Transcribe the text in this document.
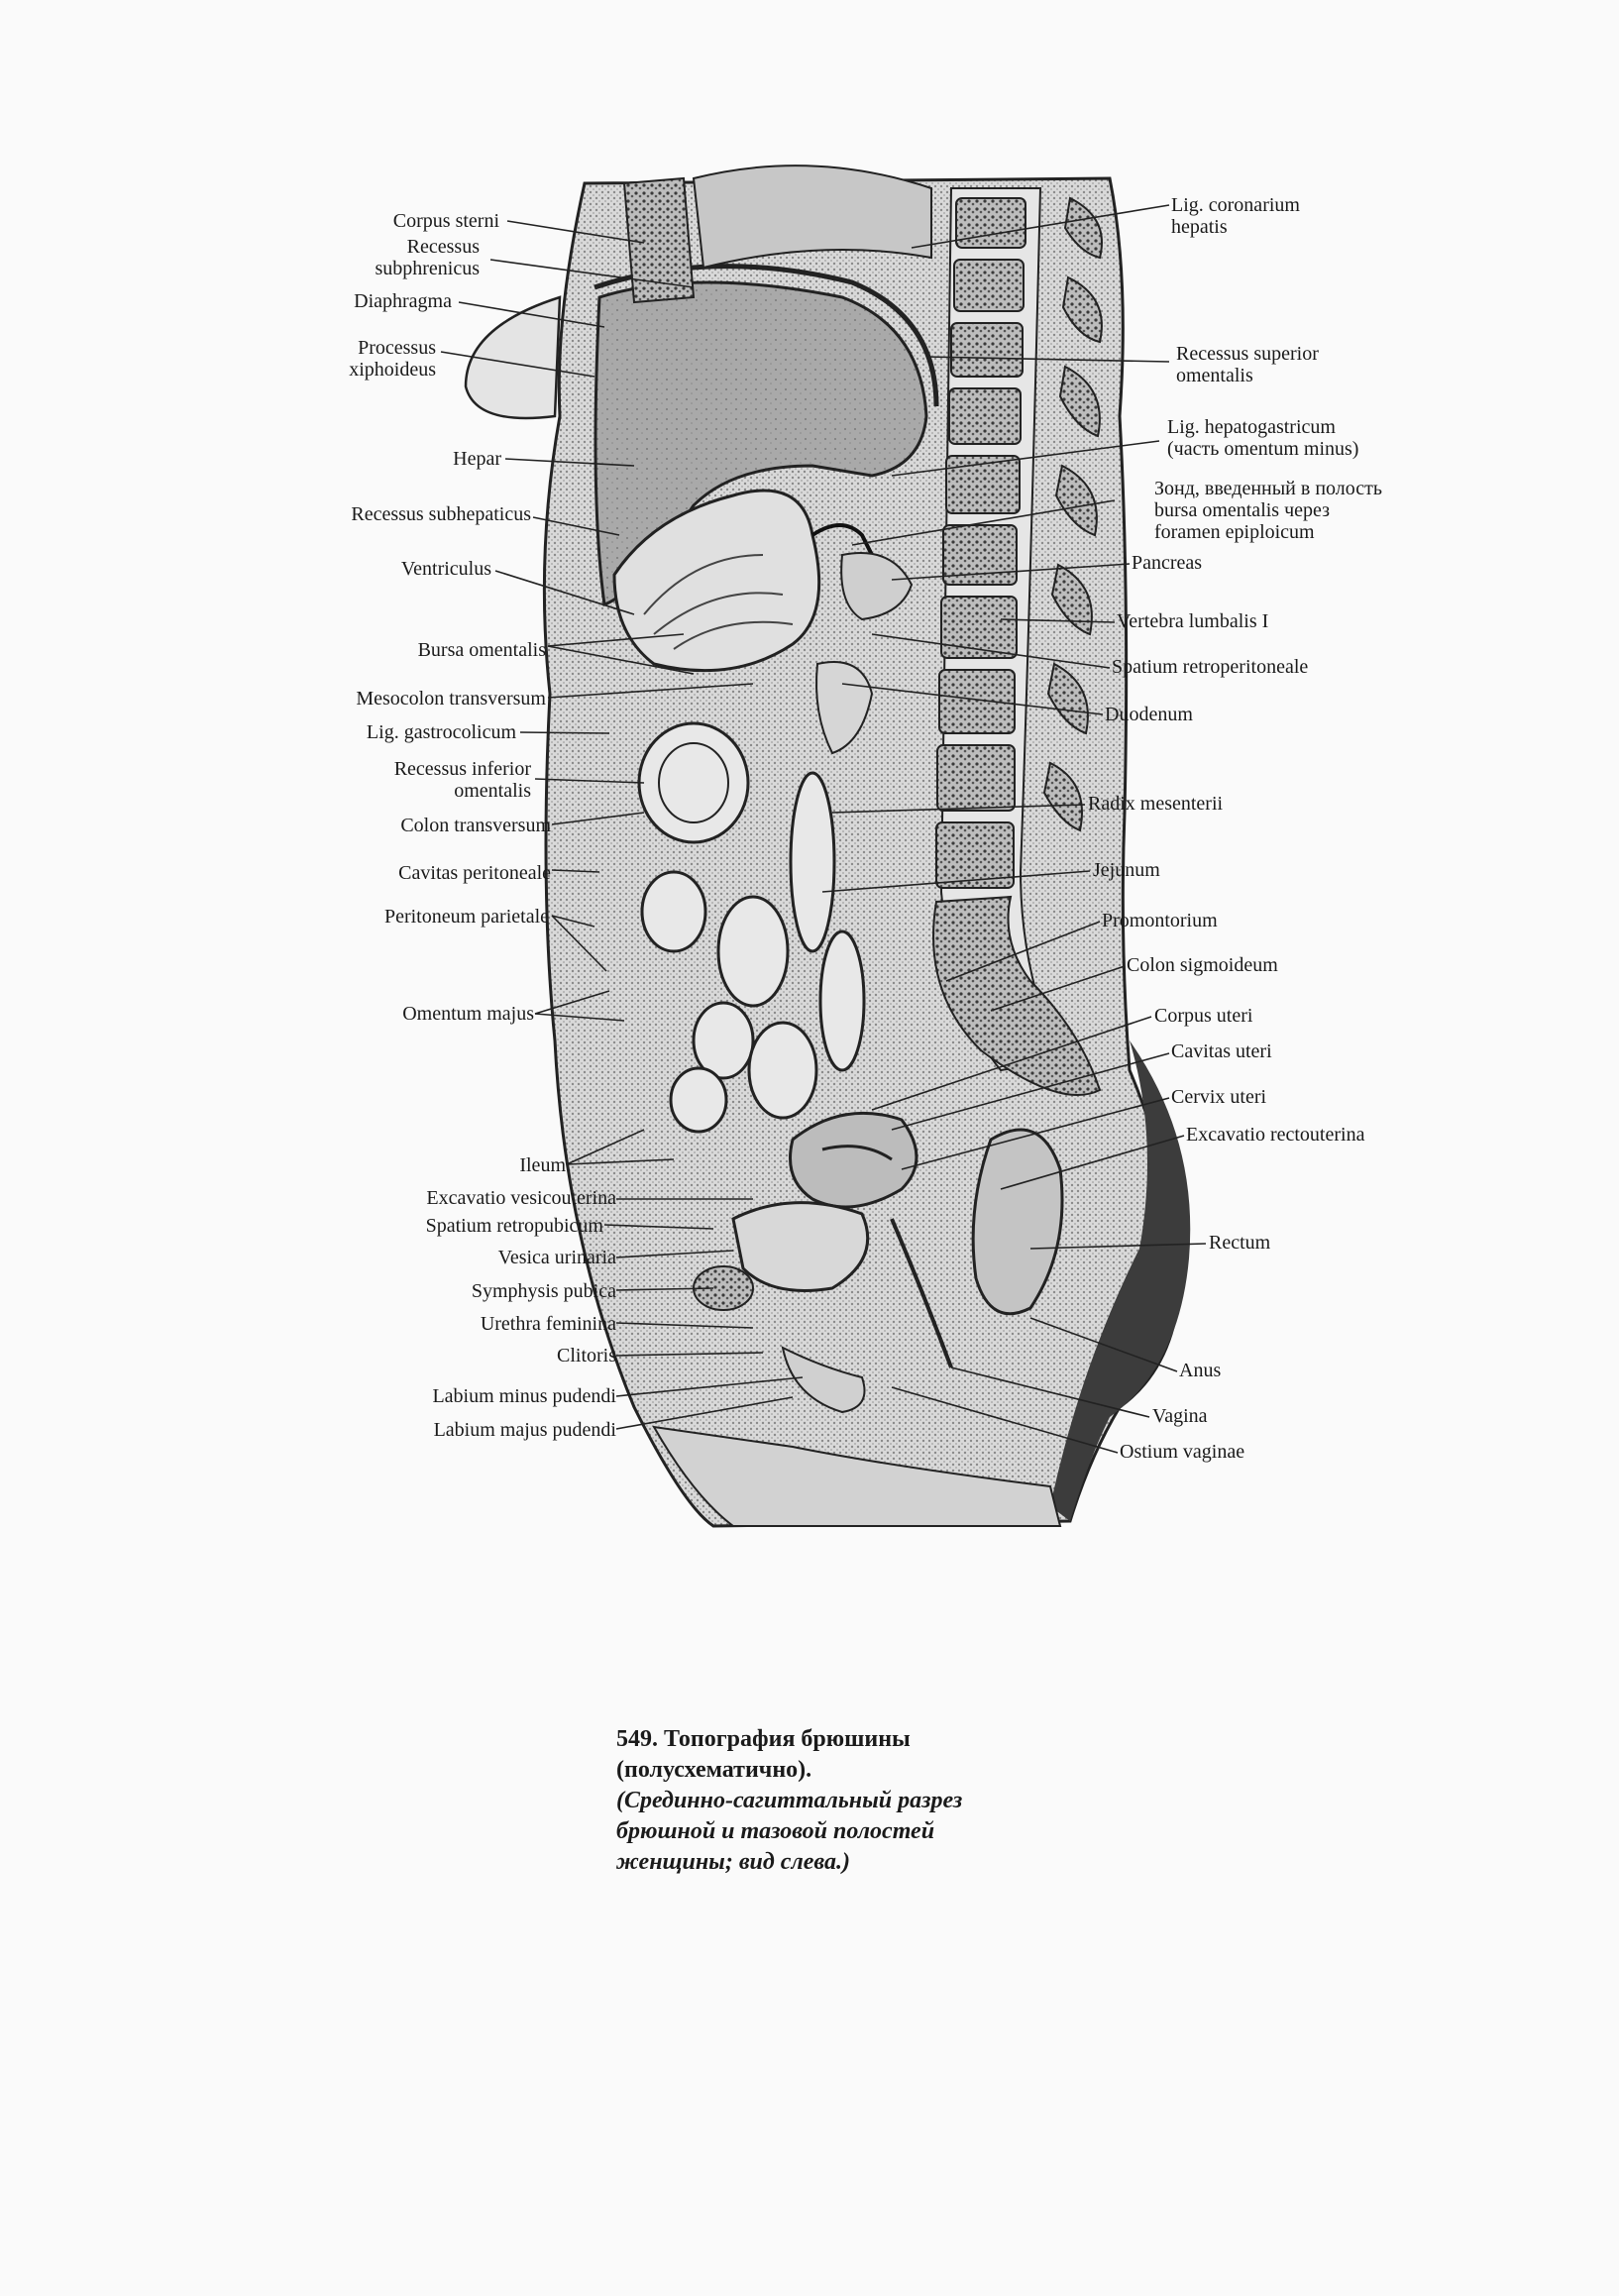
Corpus sterni
Recessus
subphrenicus
Diaphragma
Processus
xiphoideus
Hepar
Recessus subhepaticus
Ventriculus
Bursa omentalis
Mesocolon transversum
Lig. gastrocolicum
Recessus inferior
omentalis
Colon transversum
Cavitas peritoneale
Peritoneum parietale
Omentum majus
Ileum
Excavatio vesicouterina
Spatium retropubicum
Vesica urinaria
Symphysis pubica
Urethra feminina
Clitoris
Labium minus pudendi
Labium majus pudendi
Lig. coronarium
hepatis
Recessus superior
omentalis
Lig. hepatogastricum
(часть omentum minus)
Зонд, введенный в полость
bursa omentalis через
foramen epiploicum
Pancreas
Vertebra lumbalis I
Spatium retroperitoneale
Duodenum
Radix mesenterii
Jejunum
Promontorium
Colon sigmoideum
Corpus uteri
Cavitas uteri
Cervix uteri
Excavatio rectouterina
Rectum
Anus
Vagina
Ostium vaginae
549. Топография брюшины
(полусхематично).
(Срединно-сагиттальный разрез
брюшной и тазовой полостей
женщины; вид слева.)
